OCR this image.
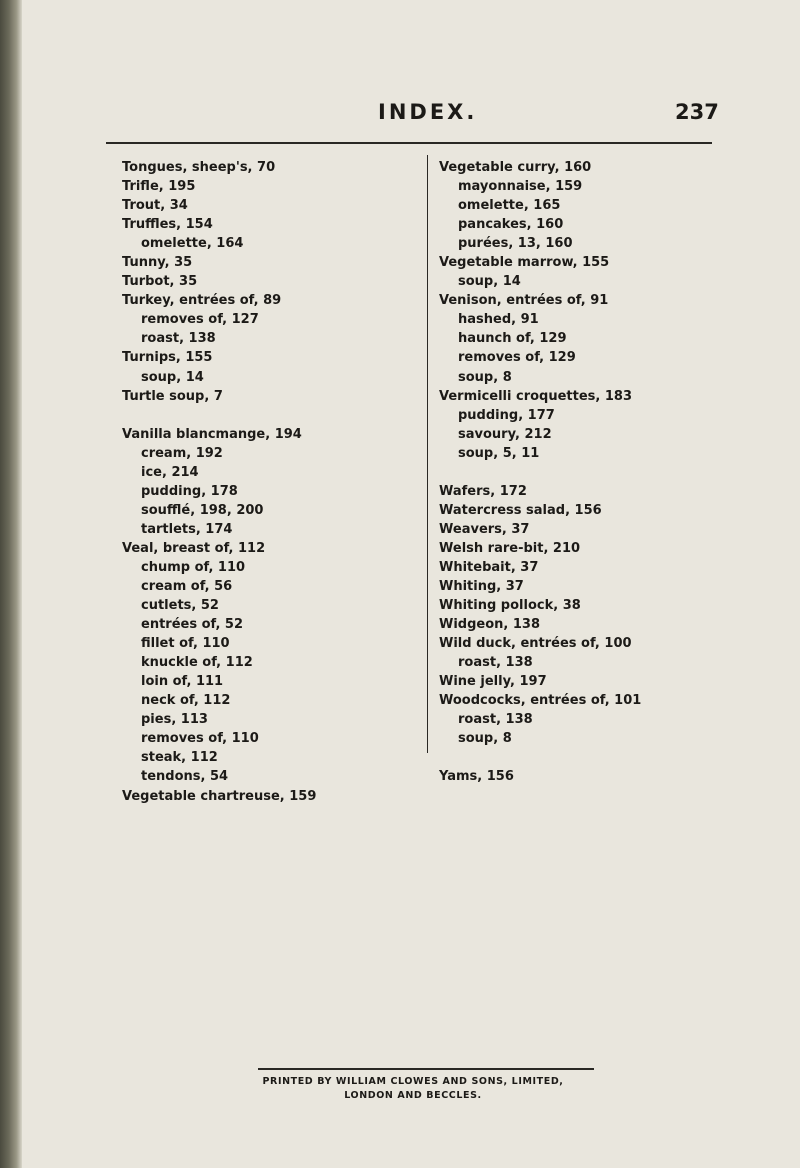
INDEX.	237
Tongues, sheep's, 70
Trifle, 195
Trout, 34
Truffles, 154
omelette, 164
Tunny, 35
Turbot, 35
Turkey, entrées of, 89
removes of, 127
roast, 138
Turnips, 155
soup, 14
Turtle soup, 7
Vanilla blancmange, 194
cream, 192
ice, 214
pudding, 178
soufflé, 198, 200
tartlets, 174
Veal, breast of, 112
chump of, 110
cream of, 56
cutlets, 52
entrées of, 52
fillet of, 110
knuckle of, 112
loin of, 111
neck of, 112
pies, 113
removes of, 110
steak, 112
tendons, 54
Vegetable chartreuse, 159
Vegetable curry, 160
mayonnaise, 159
omelette, 165
pancakes, 160
purées, 13, 160
Vegetable marrow, 155
soup, 14
Venison, entrées of, 91
hashed, 91
haunch of, 129
removes of, 129
soup, 8
Vermicelli croquettes, 183
pudding, 177
savoury, 212
soup, 5, 11
Wafers, 172
Watercress salad, 156
Weavers, 37
Welsh rare-bit, 210
Whitebait, 37
Whiting, 37
Whiting pollock, 38
Widgeon, 138
Wild duck, entrées of, 100
roast, 138
Wine jelly, 197
Woodcocks, entrées of, 101
roast, 138
soup, 8
Yams, 156
PRINTED BY WILLIAM CLOWES AND SONS, LIMITED,
LONDON AND BECCLES.
